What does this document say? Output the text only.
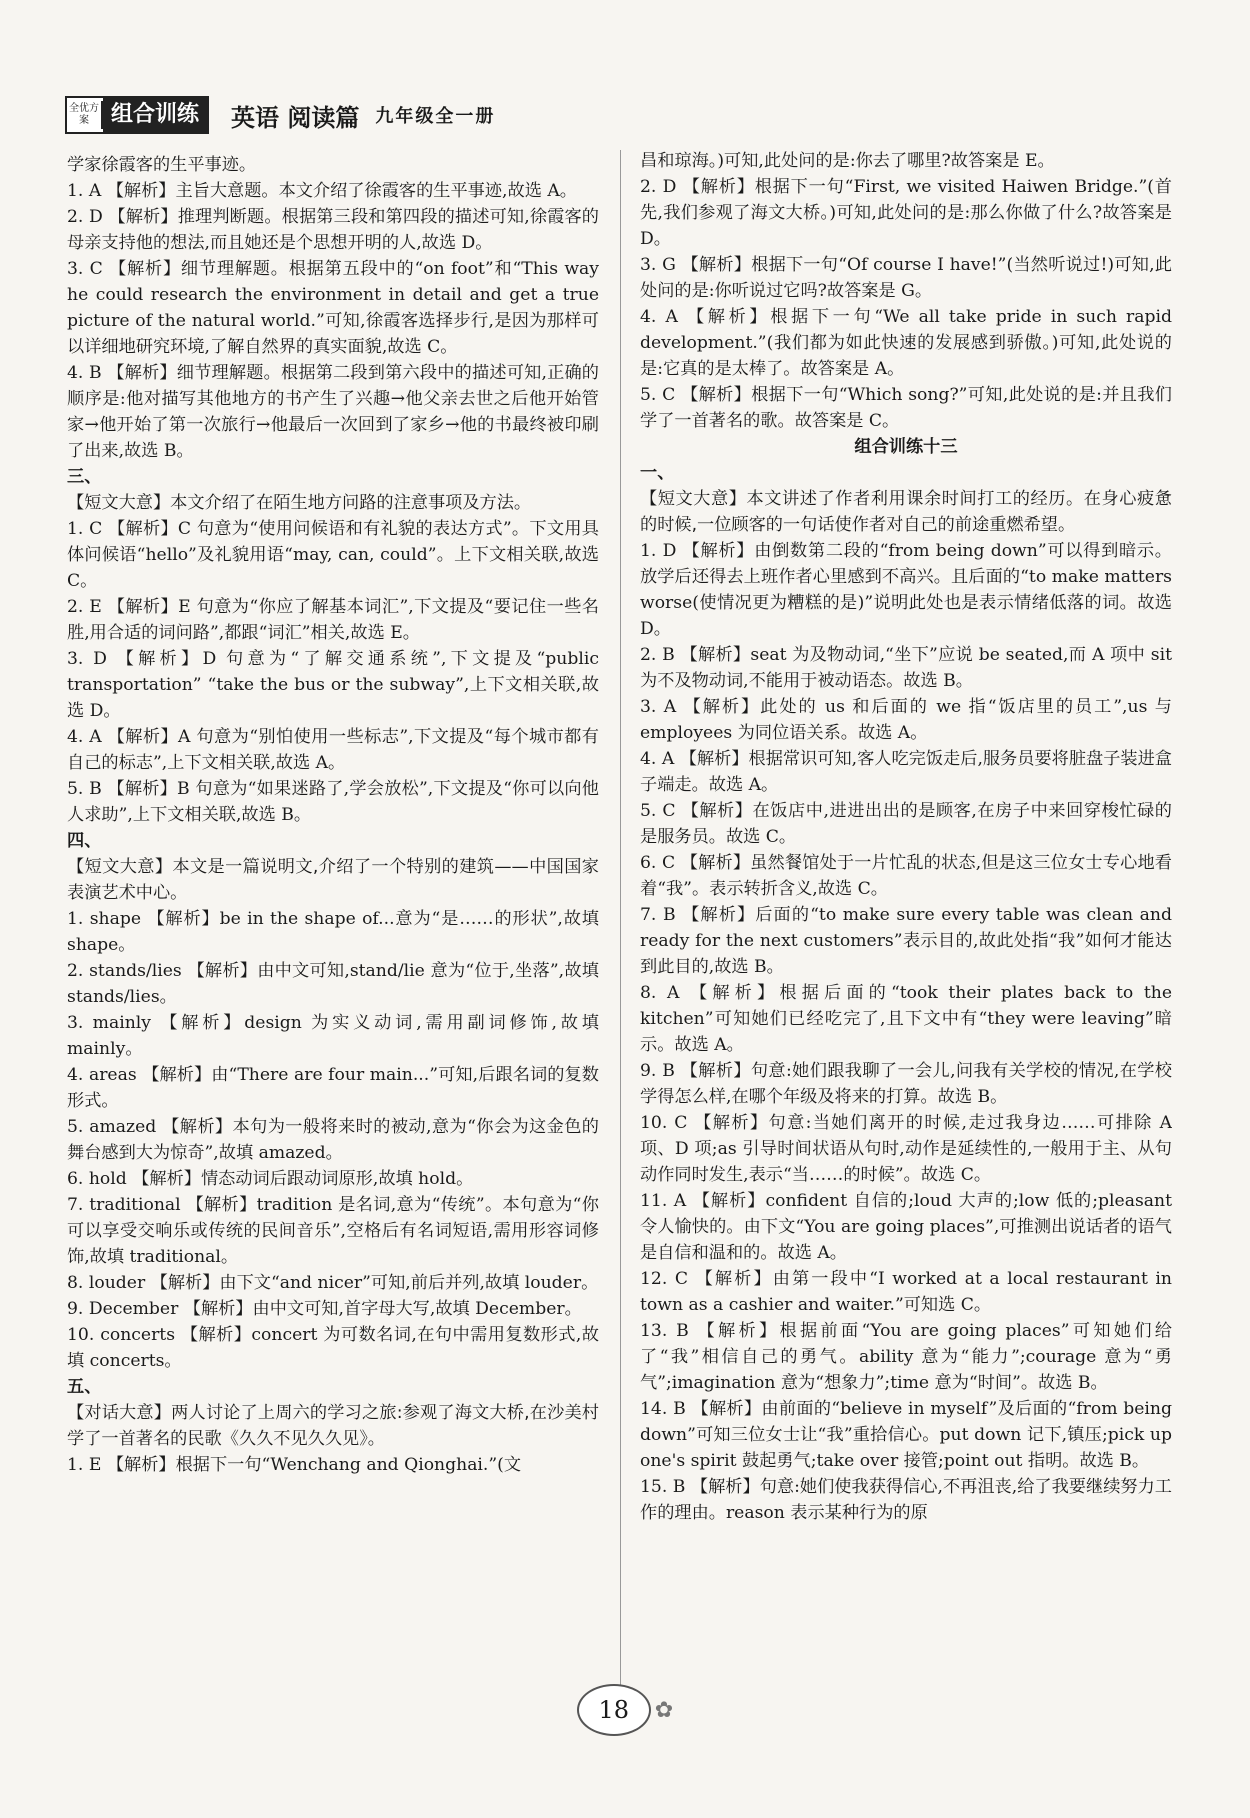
全优方案	组合训练	英语 阅读篇 九年级全一册
学家徐霞客的生平事迹。
1. A 【解析】主旨大意题。本文介绍了徐霞客的生平事迹,故选 A。
2. D 【解析】推理判断题。根据第三段和第四段的描述可知,徐霞客的母亲支持他的想法,而且她还是个思想开明的人,故选 D。
3. C 【解析】细节理解题。根据第五段中的“on foot”和“This way he could research the environment in detail and get a true picture of the natural world.”可知,徐霞客选择步行,是因为那样可以详细地研究环境,了解自然界的真实面貌,故选 C。
4. B 【解析】细节理解题。根据第二段到第六段中的描述可知,正确的顺序是:他对描写其他地方的书产生了兴趣→他父亲去世之后他开始管家→他开始了第一次旅行→他最后一次回到了家乡→他的书最终被印刷了出来,故选 B。
三、
【短文大意】本文介绍了在陌生地方问路的注意事项及方法。
1. C 【解析】C 句意为“使用问候语和有礼貌的表达方式”。下文用具体问候语“hello”及礼貌用语“may, can, could”。上下文相关联,故选 C。
2. E 【解析】E 句意为“你应了解基本词汇”,下文提及“要记住一些名胜,用合适的词问路”,都跟“词汇”相关,故选 E。
3. D 【解析】D 句意为“了解交通系统”,下文提及“public transportation” “take the bus or the subway”,上下文相关联,故选 D。
4. A 【解析】A 句意为“别怕使用一些标志”,下文提及“每个城市都有自己的标志”,上下文相关联,故选 A。
5. B 【解析】B 句意为“如果迷路了,学会放松”,下文提及“你可以向他人求助”,上下文相关联,故选 B。
四、
【短文大意】本文是一篇说明文,介绍了一个特别的建筑——中国国家表演艺术中心。
1. shape 【解析】be in the shape of...意为“是……的形状”,故填 shape。
2. stands/lies 【解析】由中文可知,stand/lie 意为“位于,坐落”,故填 stands/lies。
3. mainly 【解析】design 为实义动词,需用副词修饰,故填 mainly。
4. areas 【解析】由“There are four main...”可知,后跟名词的复数形式。
5. amazed 【解析】本句为一般将来时的被动,意为“你会为这金色的舞台感到大为惊奇”,故填 amazed。
6. hold 【解析】情态动词后跟动词原形,故填 hold。
7. traditional 【解析】tradition 是名词,意为“传统”。本句意为“你可以享受交响乐或传统的民间音乐”,空格后有名词短语,需用形容词修饰,故填 traditional。
8. louder 【解析】由下文“and nicer”可知,前后并列,故填 louder。
9. December 【解析】由中文可知,首字母大写,故填 December。
10. concerts 【解析】concert 为可数名词,在句中需用复数形式,故填 concerts。
五、
【对话大意】两人讨论了上周六的学习之旅:参观了海文大桥,在沙美村学了一首著名的民歌《久久不见久久见》。
1. E 【解析】根据下一句“Wenchang and Qionghai.”(文
昌和琼海。)可知,此处问的是:你去了哪里?故答案是 E。
2. D 【解析】根据下一句“First, we visited Haiwen Bridge.”(首先,我们参观了海文大桥。)可知,此处问的是:那么你做了什么?故答案是 D。
3. G 【解析】根据下一句“Of course I have!”(当然听说过!)可知,此处问的是:你听说过它吗?故答案是 G。
4. A 【解析】根据下一句“We all take pride in such rapid development.”(我们都为如此快速的发展感到骄傲。)可知,此处说的是:它真的是太棒了。故答案是 A。
5. C 【解析】根据下一句“Which song?”可知,此处说的是:并且我们学了一首著名的歌。故答案是 C。
组合训练十三
一、
【短文大意】本文讲述了作者利用课余时间打工的经历。在身心疲惫的时候,一位顾客的一句话使作者对自己的前途重燃希望。
1. D 【解析】由倒数第二段的“from being down”可以得到暗示。放学后还得去上班作者心里感到不高兴。且后面的“to make matters worse(使情况更为糟糕的是)”说明此处也是表示情绪低落的词。故选 D。
2. B 【解析】seat 为及物动词,“坐下”应说 be seated,而 A 项中 sit 为不及物动词,不能用于被动语态。故选 B。
3. A 【解析】此处的 us 和后面的 we 指“饭店里的员工”,us 与 employees 为同位语关系。故选 A。
4. A 【解析】根据常识可知,客人吃完饭走后,服务员要将脏盘子装进盒子端走。故选 A。
5. C 【解析】在饭店中,进进出出的是顾客,在房子中来回穿梭忙碌的是服务员。故选 C。
6. C 【解析】虽然餐馆处于一片忙乱的状态,但是这三位女士专心地看着“我”。表示转折含义,故选 C。
7. B 【解析】后面的“to make sure every table was clean and ready for the next customers”表示目的,故此处指“我”如何才能达到此目的,故选 B。
8. A 【解析】根据后面的“took their plates back to the kitchen”可知她们已经吃完了,且下文中有“they were leaving”暗示。故选 A。
9. B 【解析】句意:她们跟我聊了一会儿,问我有关学校的情况,在学校学得怎么样,在哪个年级及将来的打算。故选 B。
10. C 【解析】句意:当她们离开的时候,走过我身边……可排除 A 项、D 项;as 引导时间状语从句时,动作是延续性的,一般用于主、从句动作同时发生,表示“当……的时候”。故选 C。
11. A 【解析】confident 自信的;loud 大声的;low 低的;pleasant 令人愉快的。由下文“You are going places”,可推测出说话者的语气是自信和温和的。故选 A。
12. C 【解析】由第一段中“I worked at a local restaurant in town as a cashier and waiter.”可知选 C。
13. B 【解析】根据前面“You are going places”可知她们给了“我”相信自己的勇气。ability 意为“能力”;courage 意为“勇气”;imagination 意为“想象力”;time 意为“时间”。故选 B。
14. B 【解析】由前面的“believe in myself”及后面的“from being down”可知三位女士让“我”重拾信心。put down 记下,镇压;pick up one's spirit 鼓起勇气;take over 接管;point out 指明。故选 B。
15. B 【解析】句意:她们使我获得信心,不再沮丧,给了我要继续努力工作的理由。reason 表示某种行为的原
18	✿
